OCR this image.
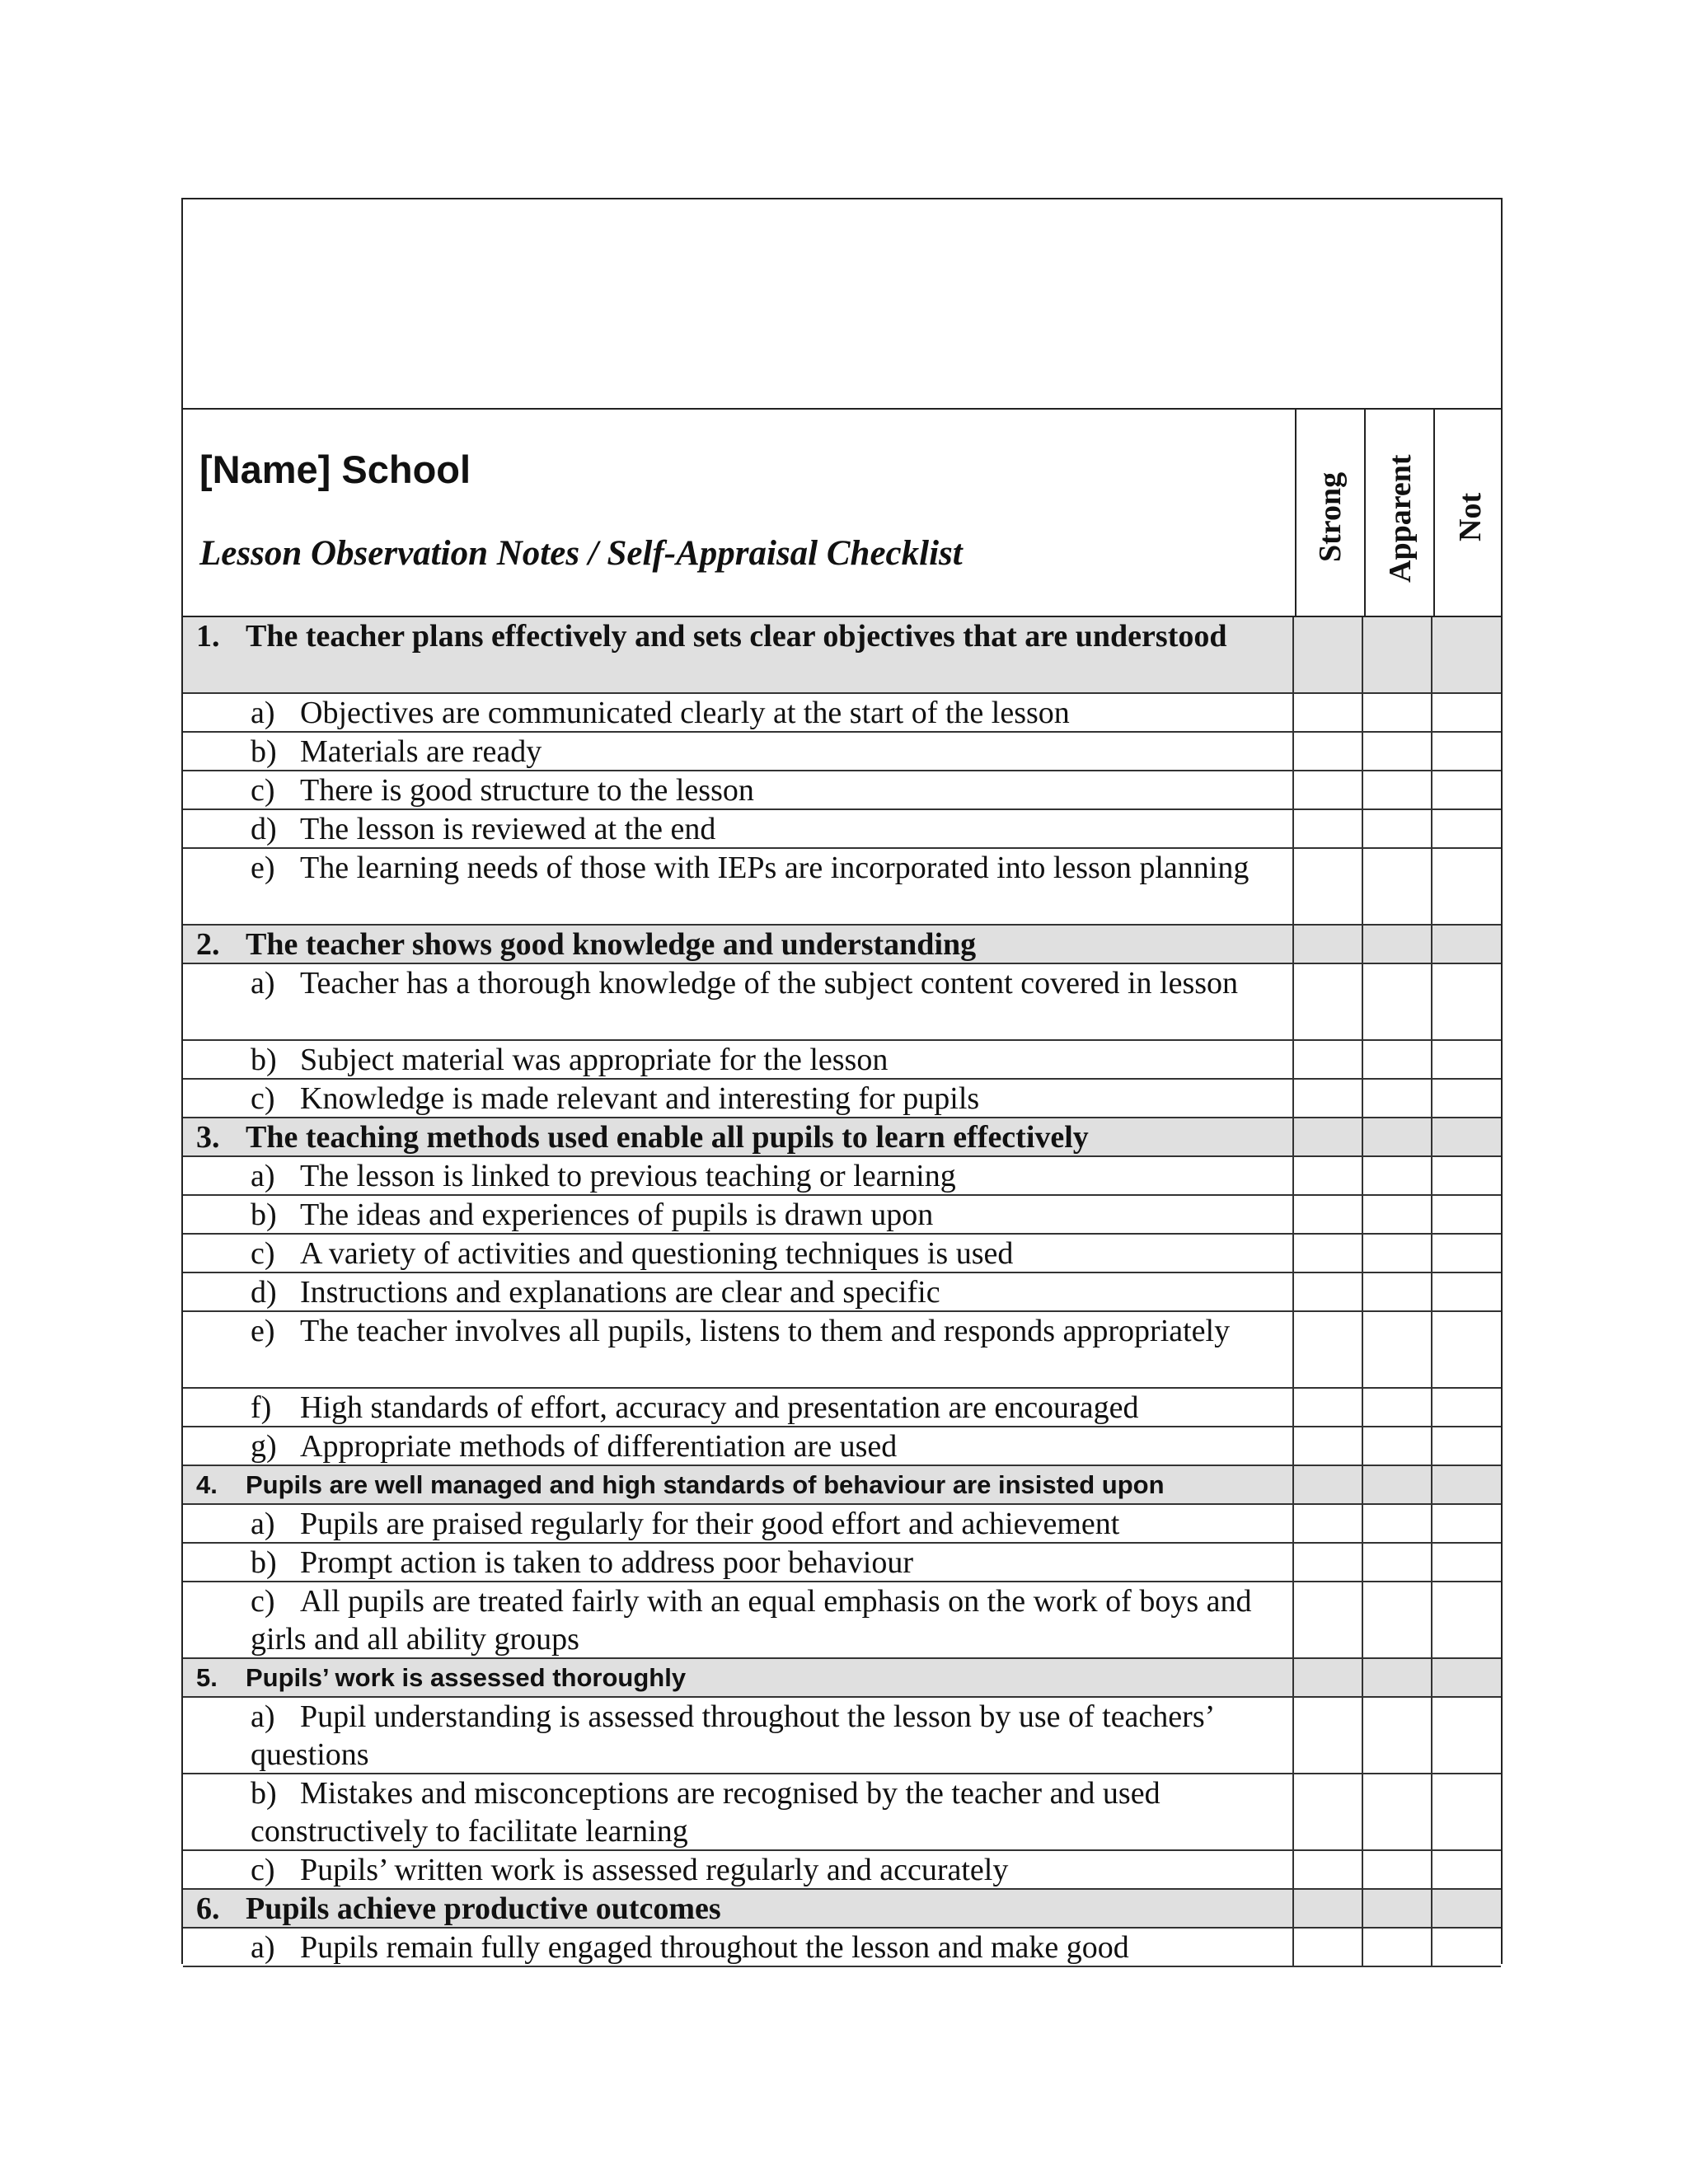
[Name] School
Lesson Observation Notes / Self-Appraisal Checklist	Strong Apparent Not
1. The teacher plans effectively and sets clear objectives that are understood
a) Objectives are communicated clearly at the start of the lesson
b) Materials are ready
c) There is good structure to the lesson
d) The lesson is reviewed at the end
e) The learning needs of those with IEPs are incorporated into lesson planning
2. The teacher shows good knowledge and understanding
a) Teacher has a thorough knowledge of the subject content covered in lesson
b) Subject material was appropriate for the lesson
c) Knowledge is made relevant and interesting for pupils
3. The teaching methods used enable all pupils to learn effectively
a) The lesson is linked to previous teaching or learning
b) The ideas and experiences of pupils is drawn upon
c) A variety of activities and questioning techniques is used
d) Instructions and explanations are clear and specific
e) The teacher involves all pupils, listens to them and responds appropriately
f) High standards of effort, accuracy and presentation are encouraged
g) Appropriate methods of differentiation are used
4. Pupils are well managed and high standards of behaviour are insisted upon
a) Pupils are praised regularly for their good effort and achievement
b) Prompt action is taken to address poor behaviour
c) All pupils are treated fairly with an equal emphasis on the work of boys and girls and all ability groups
5. Pupils’ work is assessed thoroughly
a) Pupil understanding is assessed throughout the lesson by use of teachers’ questions
b) Mistakes and misconceptions are recognised by the teacher and used constructively to facilitate learning
c) Pupils’ written work is assessed regularly and accurately
6. Pupils achieve productive outcomes
a) Pupils remain fully engaged throughout the lesson and make good
